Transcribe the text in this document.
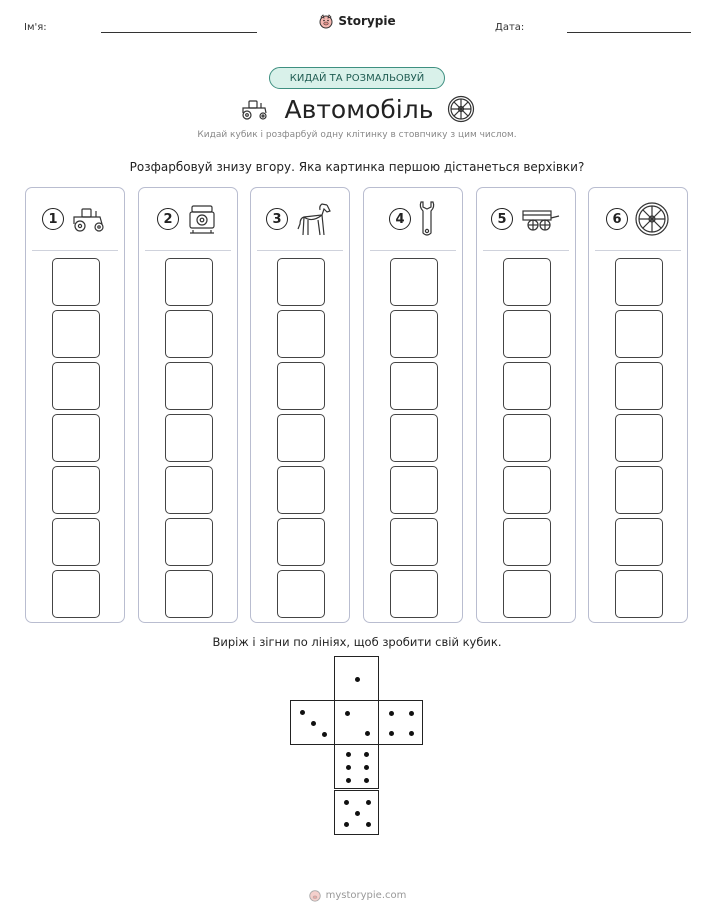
Ім'я:	Дата:
Storypie
КИДАЙ ТА РОЗМАЛЬОВУЙ
Автомобіль
Кидай кубик і розфарбуй одну клітинку в стовпчику з цим числом.
Розфарбовуй знизу вгору. Яка картинка першою дістанеться верхівки?
1	2	3	4	5	6
Виріж і зігни по лініях, щоб зробити свій кубик.
mystorypie.com
